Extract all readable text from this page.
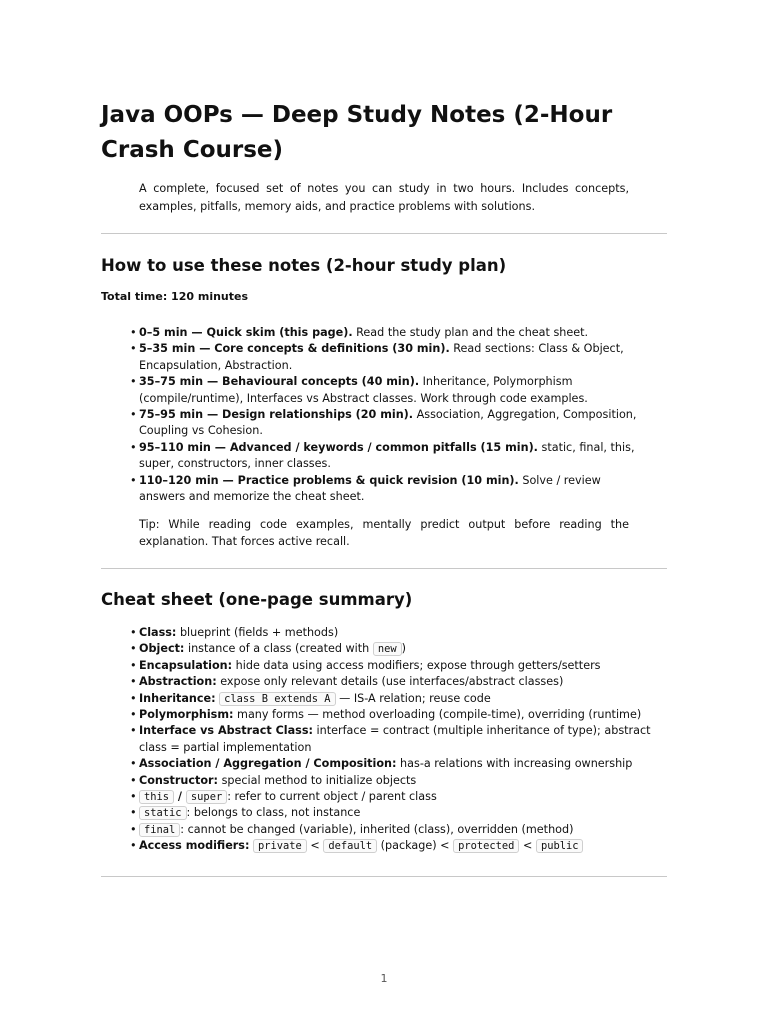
Java OOPs — Deep Study Notes (2-Hour Crash Course)

A complete, focused set of notes you can study in two hours. Includes concepts, examples, pitfalls, memory aids, and practice problems with solutions.

How to use these notes (2-hour study plan)

Total time: 120 minutes

• 0–5 min — Quick skim (this page). Read the study plan and the cheat sheet.
• 5–35 min — Core concepts & definitions (30 min). Read sections: Class & Object, Encapsulation, Abstraction.
• 35–75 min — Behavioural concepts (40 min). Inheritance, Polymorphism (compile/runtime), Interfaces vs Abstract classes. Work through code examples.
• 75–95 min — Design relationships (20 min). Association, Aggregation, Composition, Coupling vs Cohesion.
• 95–110 min — Advanced / keywords / common pitfalls (15 min). static, final, this, super, constructors, inner classes.
• 110–120 min — Practice problems & quick revision (10 min). Solve / review answers and memorize the cheat sheet.

Tip: While reading code examples, mentally predict output before reading the explanation. That forces active recall.

Cheat sheet (one-page summary)
• Class: blueprint (fields + methods)
• Object: instance of a class (created with new )
• Encapsulation: hide data using access modifiers; expose through getters/setters
• Abstraction: expose only relevant details (use interfaces/abstract classes)
• Inheritance: class B extends A — IS-A relation; reuse code
• Polymorphism: many forms — method overloading (compile-time), overriding (runtime)
• Interface vs Abstract Class: interface = contract (multiple inheritance of type); abstract class = partial implementation
• Association / Aggregation / Composition: has-a relations with increasing ownership
• Constructor: special method to initialize objects
• this / super : refer to current object / parent class
• static : belongs to class, not instance
• final : cannot be changed (variable), inherited (class), overridden (method)
• Access modifiers: private < default (package) < protected < public
1
